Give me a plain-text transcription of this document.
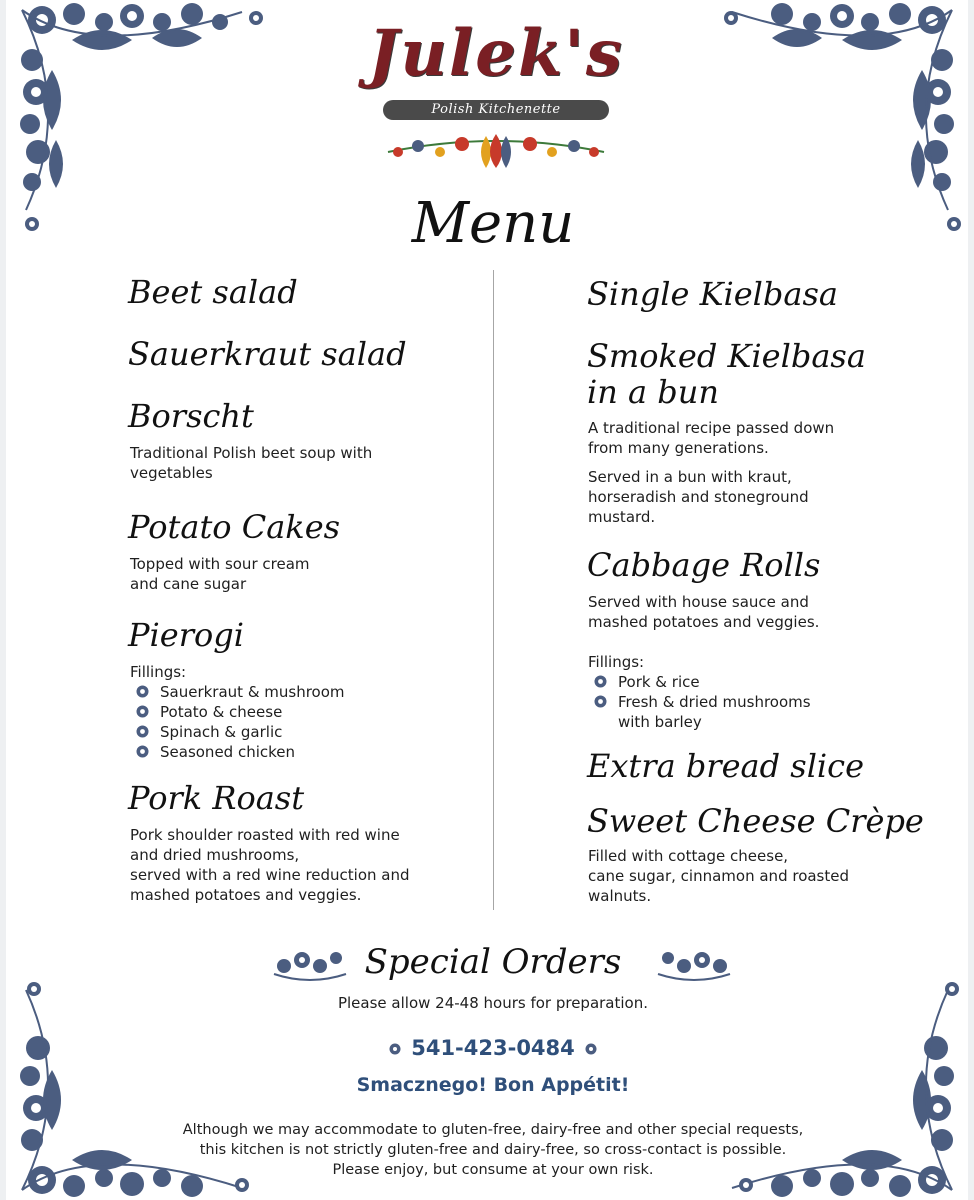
Julek's
Polish Kitchenette
Menu
Beet salad
Sauerkraut salad
Borscht
Traditional Polish beet soup with
vegetables
Potato Cakes
Topped with sour cream
and cane sugar
Pierogi
Fillings:
Sauerkraut & mushroom
Potato & cheese
Spinach & garlic
Seasoned chicken
Pork Roast
Pork shoulder roasted with red wine
and dried mushrooms,
served with a red wine reduction and
mashed potatoes and veggies.
Single Kielbasa
Smoked Kielbasa
in a bun
A traditional recipe passed down
from many generations.
Served in a bun with kraut,
horseradish and stoneground
mustard.
Cabbage Rolls
Served with house sauce and
mashed potatoes and veggies.
Fillings:
Pork & rice
Fresh & dried mushrooms
with barley
Extra bread slice
Sweet Cheese Crèpe
Filled with cottage cheese,
cane sugar, cinnamon and roasted
walnuts.
Special Orders
Please allow 24-48 hours for preparation.
541-423-0484
Smacznego! Bon Appétit!
Although we may accommodate to gluten-free, dairy-free and other special requests,
this kitchen is not strictly gluten-free and dairy-free, so cross-contact is possible.
Please enjoy, but consume at your own risk.
